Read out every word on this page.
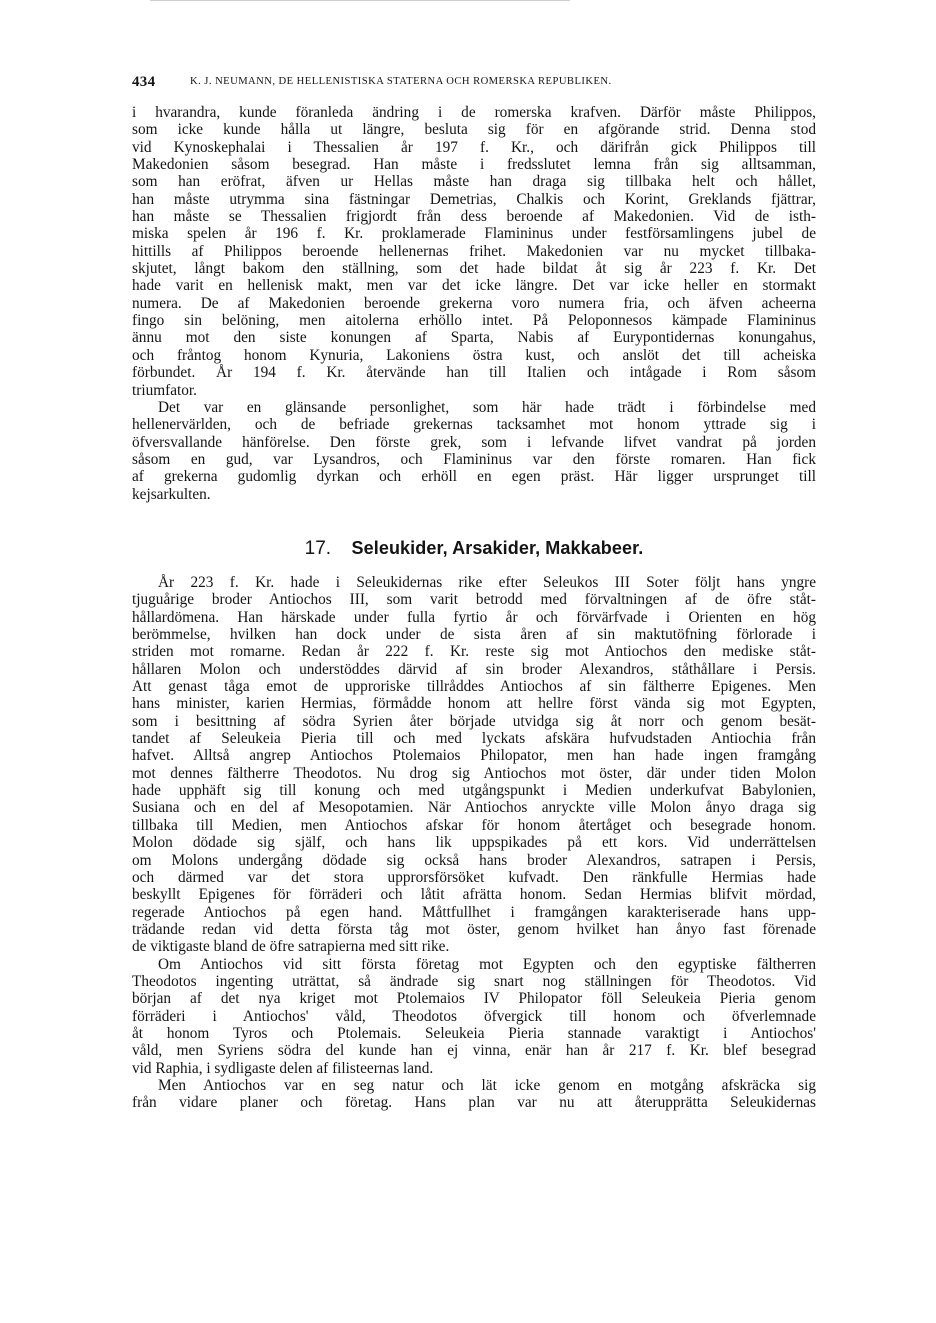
434	K. J. NEUMANN, DE HELLENISTISKA STATERNA OCH ROMERSKA REPUBLIKEN.
i hvarandra, kunde föranleda ändring i de romerska krafven. Därför måste Philippos,
som icke kunde hålla ut längre, besluta sig för en afgörande strid. Denna stod
vid Kynoskephalai i Thessalien år 197 f. Kr., och därifrån gick Philippos till
Makedonien såsom besegrad. Han måste i fredsslutet lemna från sig alltsamman,
som han eröfrat, äfven ur Hellas måste han draga sig tillbaka helt och hållet,
han måste utrymma sina fästningar Demetrias, Chalkis och Korint, Greklands fjättrar,
han måste se Thessalien frigjordt från dess beroende af Makedonien. Vid de isth-
miska spelen år 196 f. Kr. proklamerade Flamininus under festförsamlingens jubel de
hittills af Philippos beroende hellenernas frihet. Makedonien var nu mycket tillbaka-
skjutet, långt bakom den ställning, som det hade bildat åt sig år 223 f. Kr. Det
hade varit en hellenisk makt, men var det icke längre. Det var icke heller en stormakt
numera. De af Makedonien beroende grekerna voro numera fria, och äfven acheerna
fingo sin belöning, men aitolerna erhöllo intet. På Peloponnesos kämpade Flamininus
ännu mot den siste konungen af Sparta, Nabis af Eurypontidernas konungahus,
och fråntog honom Kynuria, Lakoniens östra kust, och anslöt det till acheiska
förbundet. År 194 f. Kr. återvände han till Italien och intågade i Rom såsom
triumfator.
Det var en glänsande personlighet, som här hade trädt i förbindelse med
hellenervärlden, och de befriade grekernas tacksamhet mot honom yttrade sig i
öfversvallande hänförelse. Den förste grek, som i lefvande lifvet vandrat på jorden
såsom en gud, var Lysandros, och Flamininus var den förste romaren. Han fick
af grekerna gudomlig dyrkan och erhöll en egen präst. Här ligger ursprunget till
kejsarkulten.
17. Seleukider, Arsakider, Makkabeer.
År 223 f. Kr. hade i Seleukidernas rike efter Seleukos III Soter följt hans yngre
tjuguårige broder Antiochos III, som varit betrodd med förvaltningen af de öfre ståt-
hållardömena. Han härskade under fulla fyrtio år och förvärfvade i Orienten en hög
berömmelse, hvilken han dock under de sista åren af sin maktutöfning förlorade i
striden mot romarne. Redan år 222 f. Kr. reste sig mot Antiochos den mediske ståt-
hållaren Molon och understöddes därvid af sin broder Alexandros, ståthållare i Persis.
Att genast tåga emot de upproriske tillråddes Antiochos af sin fältherre Epigenes. Men
hans minister, karien Hermias, förmådde honom att hellre först vända sig mot Egypten,
som i besittning af södra Syrien åter började utvidga sig åt norr och genom besät-
tandet af Seleukeia Pieria till och med lyckats afskära hufvudstaden Antiochia från
hafvet. Alltså angrep Antiochos Ptolemaios Philopator, men han hade ingen framgång
mot dennes fältherre Theodotos. Nu drog sig Antiochos mot öster, där under tiden Molon
hade upphäft sig till konung och med utgångspunkt i Medien underkufvat Babylonien,
Susiana och en del af Mesopotamien. När Antiochos anryckte ville Molon ånyo draga sig
tillbaka till Medien, men Antiochos afskar för honom återtåget och besegrade honom.
Molon dödade sig själf, och hans lik uppspikades på ett kors. Vid underrättelsen
om Molons undergång dödade sig också hans broder Alexandros, satrapen i Persis,
och därmed var det stora upprorsförsöket kufvadt. Den ränkfulle Hermias hade
beskyllt Epigenes för förräderi och låtit afrätta honom. Sedan Hermias blifvit mördad,
regerade Antiochos på egen hand. Måttfullhet i framgången karakteriserade hans upp-
trädande redan vid detta första tåg mot öster, genom hvilket han ånyo fast förenade
de viktigaste bland de öfre satrapierna med sitt rike.
Om Antiochos vid sitt första företag mot Egypten och den egyptiske fältherren
Theodotos ingenting uträttat, så ändrade sig snart nog ställningen för Theodotos. Vid
början af det nya kriget mot Ptolemaios IV Philopator föll Seleukeia Pieria genom
förräderi i Antiochos' våld, Theodotos öfvergick till honom och öfverlemnade
åt honom Tyros och Ptolemais. Seleukeia Pieria stannade varaktigt i Antiochos'
våld, men Syriens södra del kunde han ej vinna, enär han år 217 f. Kr. blef besegrad
vid Raphia, i sydligaste delen af filisteernas land.
Men Antiochos var en seg natur och lät icke genom en motgång afskräcka sig
från vidare planer och företag. Hans plan var nu att återupprätta Seleukidernas
